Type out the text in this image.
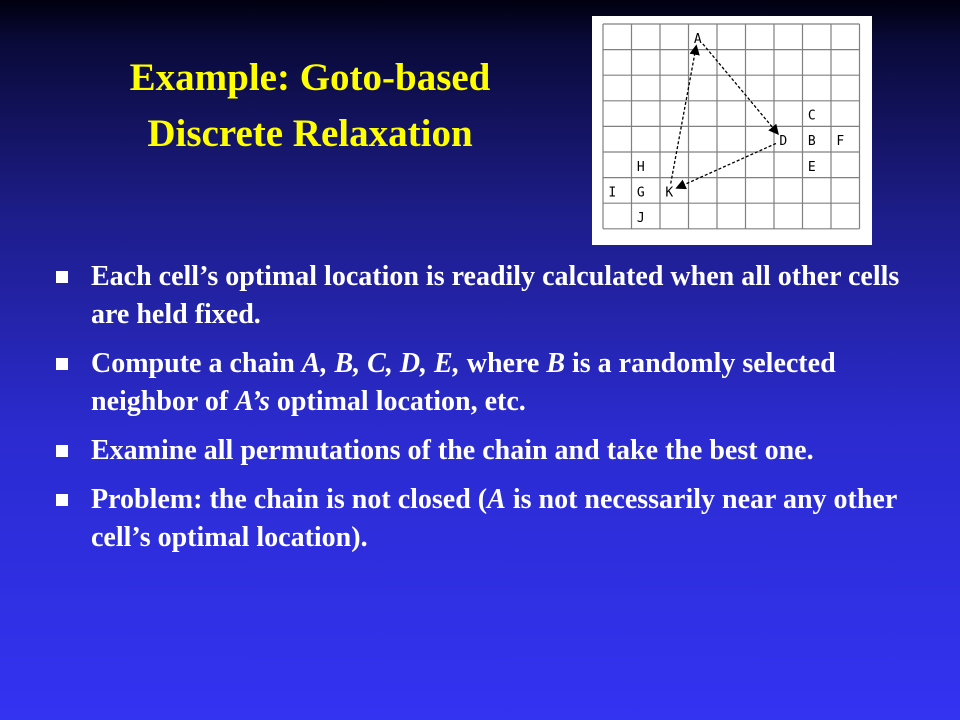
Example: Goto-based
Discrete Relaxation
A
C
D B F
H	E
I G K
J
Each cell’s optimal location is readily calculated when all other cells are held fixed.
Compute a chain A, B, C, D, E, where B is a randomly selected neighbor of A’s optimal location, etc.
Examine all permutations of the chain and take the best one.
Problem: the chain is not closed (A is not necessarily near any other cell’s optimal location).
